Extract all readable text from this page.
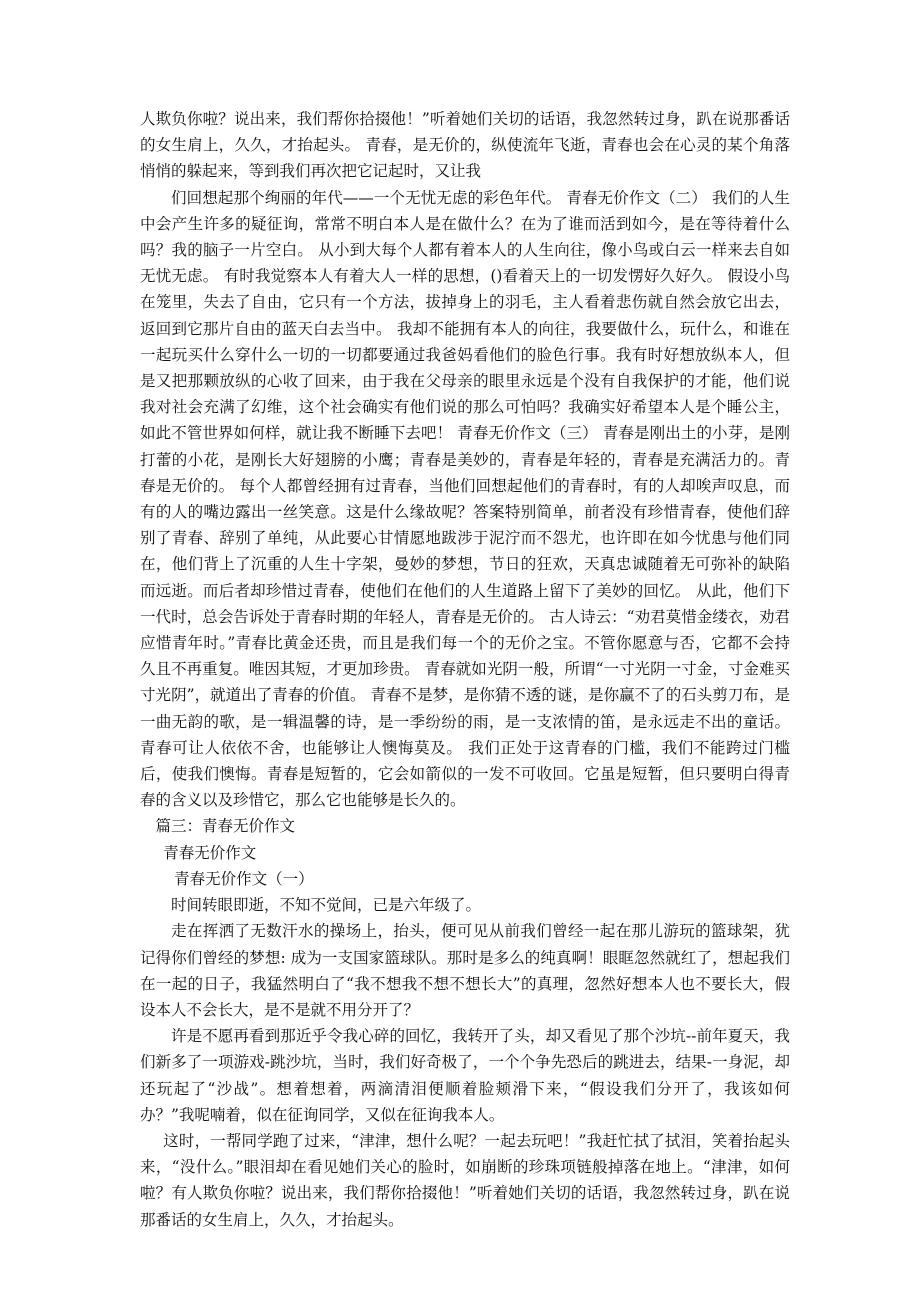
人欺负你啦？说出来，我们帮你拾掇他！”听着她们关切的话语，我忽然转过身，趴在说那番话的女生肩上，久久，才抬起头。 青春，是无价的，纵使流年飞逝，青春也会在心灵的某个角落悄悄的躲起来，等到我们再次把它记起时，又让我

们回想起那个绚丽的年代——一个无忧无虑的彩色年代。 青春无价作文（二） 我们的人生中会产生许多的疑征询，常常不明白本人是在做什么？在为了谁而活到如今，是在等待着什么吗？我的脑子一片空白。 从小到大每个人都有着本人的人生向往，像小鸟或白云一样来去自如无忧无虑。 有时我觉察本人有着大人一样的思想，()看着天上的一切发愣好久好久。 假设小鸟在笼里，失去了自由，它只有一个方法，拔掉身上的羽毛，主人看着悲伤就自然会放它出去，返回到它那片自由的蓝天白去当中。 我却不能拥有本人的向往，我要做什么，玩什么，和谁在一起玩买什么穿什么一切的一切都要通过我爸妈看他们的脸色行事。我有时好想放纵本人，但是又把那颗放纵的心收了回来，由于我在父母亲的眼里永远是个没有自我保护的才能，他们说我对社会充满了幻维，这个社会确实有他们说的那么可怕吗？我确实好希望本人是个睡公主，如此不管世界如何样，就让我不断睡下去吧！ 青春无价作文（三） 青春是刚出土的小芽，是刚打蕾的小花，是刚长大好翅膀的小鹰；青春是美妙的，青春是年轻的，青春是充满活力的。青春是无价的。 每个人都曾经拥有过青春，当他们回想起他们的青春时，有的人却唉声叹息，而有的人的嘴边露出一丝笑意。这是什么缘故呢？答案特别简单，前者没有珍惜青春，使他们辞别了青春、辞别了单纯，从此要心甘情愿地跋涉于泥泞而不怨尤，也许即在如今忧患与他们同在，他们背上了沉重的人生十字架，曼妙的梦想，节日的狂欢，天真忠诚随着无可弥补的缺陷而远逝。而后者却珍惜过青春，使他们在他们的人生道路上留下了美妙的回忆。 从此，他们下一代时，总会告诉处于青春时期的年轻人，青春是无价的。 古人诗云：“劝君莫惜金缕衣，劝君应惜青年时。”青春比黄金还贵，而且是我们每一个的无价之宝。不管你愿意与否，它都不会持久且不再重复。唯因其短，才更加珍贵。 青春就如光阴一般，所谓“一寸光阴一寸金，寸金难买寸光阴”，就道出了青春的价值。 青春不是梦，是你猜不透的谜，是你赢不了的石头剪刀布，是一曲无韵的歌，是一辑温馨的诗，是一季纷纷的雨，是一支浓情的笛，是永远走不出的童话。青春可让人依依不舍，也能够让人懊悔莫及。 我们正处于这青春的门槛，我们不能跨过门槛后，使我们懊悔。青春是短暂的，它会如箭似的一发不可收回。它虽是短暂，但只要明白得青春的含义以及珍惜它，那么它也能够是长久的。

篇三：青春无价作文

青春无价作文

青春无价作文（一）

时间转眼即逝，不知不觉间，已是六年级了。

走在挥洒了无数汗水的操场上，抬头，便可见从前我们曾经一起在那儿游玩的篮球架，犹记得你们曾经的梦想: 成为一支国家篮球队。那时是多么的纯真啊！眼眶忽然就红了，想起我们在一起的日子，我猛然明白了“我不想我不想不想长大”的真理，忽然好想本人也不要长大，假设本人不会长大，是不是就不用分开了？

许是不愿再看到那近乎令我心碎的回忆，我转开了头，却又看见了那个沙坑--前年夏天，我们新多了一项游戏-跳沙坑，当时，我们好奇极了，一个个争先恐后的跳进去，结果-一身泥，却还玩起了“沙战”。想着想着，两滴清泪便顺着脸颊滑下来，“假设我们分开了，我该如何办？”我呢喃着，似在征询同学，又似在征询我本人。

这时，一帮同学跑了过来，“津津，想什么呢？一起去玩吧！”我赶忙拭了拭泪，笑着抬起头来，“没什么。”眼泪却在看见她们关心的脸时，如崩断的珍珠项链般掉落在地上。“津津，如何啦？有人欺负你啦？说出来，我们帮你拾掇他！”听着她们关切的话语，我忽然转过身，趴在说那番话的女生肩上，久久，才抬起头。
